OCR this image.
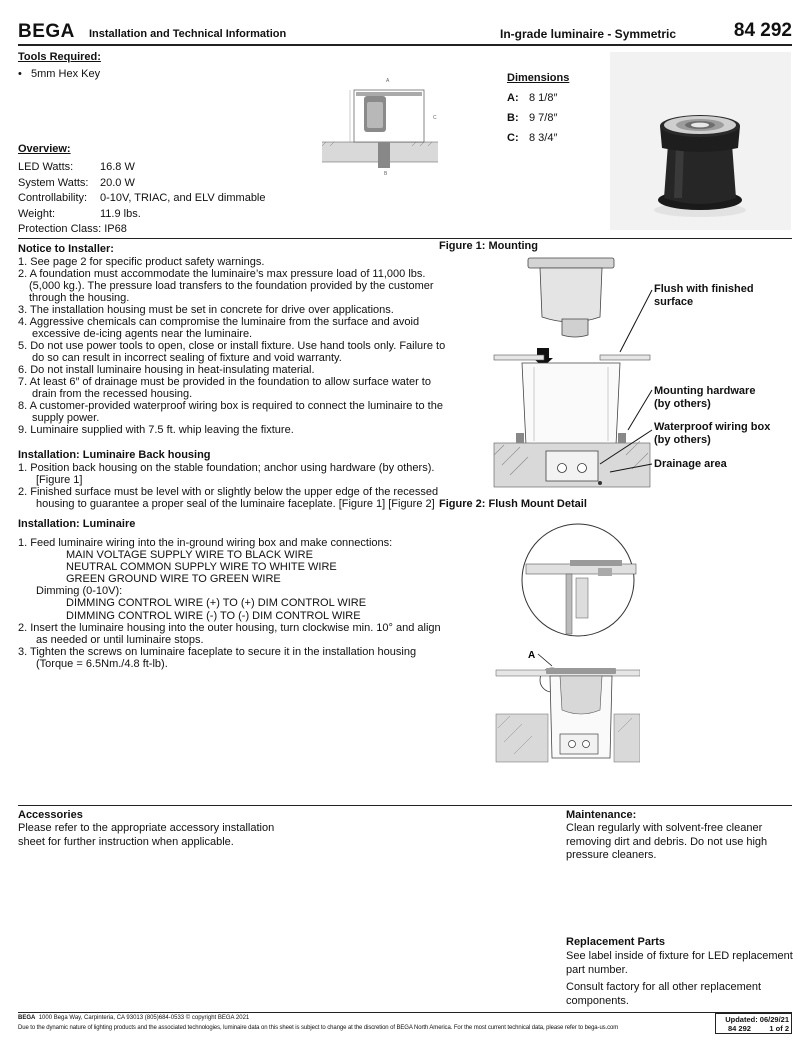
BEGA Installation and Technical Information	In-grade luminaire - Symmetric	84 292
Tools Required:
•   5mm Hex Key
A
C
B
Dimensions
A: 8 1/8″
B: 9 7/8″
C: 8 3/4″
Overview:
LED Watts: 16.8 W
System Watts: 20.0 W
Controllability: 0-10V, TRIAC, and ELV dimmable
Weight:	11.9 lbs.
Protection Class: IP68
Notice to Installer:
1. See page 2 for specific product safety warnings.
2. A foundation must accommodate the luminaire’s max pressure load of 11,000 lbs.
(5,000 kg.). The pressure load transfers to the foundation provided by the customer
through the housing.
3. The installation housing must be set in concrete for drive over applications.
4. Aggressive chemicals can compromise the luminaire from the surface and avoid
excessive de-icing agents near the luminaire.
5. Do not use power tools to open, close or install fixture. Use hand tools only. Failure to
do so can result in incorrect sealing of fixture and void warranty.
6. Do not install luminaire housing in heat-insulating material.
7. At least 6″ of drainage must be provided in the foundation to allow surface water to
drain from the recessed housing.
8. A customer-provided waterproof wiring box is required to connect the luminaire to the
supply power.
9. Luminaire supplied with 7.5 ft. whip leaving the fixture.
Installation: Luminaire Back housing
1. Position back housing on the stable foundation; anchor using hardware (by others).
[Figure 1]
2. Finished surface must be level with or slightly below the upper edge of the recessed
housing to guarantee a proper seal of the luminaire faceplate. [Figure 1] [Figure 2]
Installation: Luminaire
1. Feed luminaire wiring into the in-ground wiring box and make connections:
MAIN VOLTAGE SUPPLY WIRE TO BLACK WIRE
NEUTRAL COMMON SUPPLY WIRE TO WHITE WIRE
GREEN GROUND WIRE TO GREEN WIRE
Dimming (0-10V):
DIMMING CONTROL WIRE (+) TO (+) DIM CONTROL WIRE
DIMMING CONTROL WIRE (-) TO (-) DIM CONTROL WIRE
2. Insert the luminaire housing into the outer housing, turn clockwise min. 10° and align
as needed or until luminaire stops.
3. Tighten the screws on luminaire faceplate to secure it in the installation housing
(Torque = 6.5Nm./4.8 ft-lb).
Figure 1: Mounting
Flush with finished surface
Mounting hardware (by others)
Waterproof wiring box (by others)
Drainage area
Figure 2: Flush Mount Detail
A
Accessories
Please refer to the appropriate accessory installation
sheet for further instruction when applicable.
Maintenance:
Clean regularly with solvent-free cleaner
removing dirt and debris. Do not use high
pressure cleaners.
Replacement Parts
See label inside of fixture for LED replacement
part number.
Consult factory for all other replacement
components.
BEGA 1000 Bega Way, Carpinteria, CA 93013 (805)684-0533 © copyright BEGA 2021
Due to the dynamic nature of lighting products and the associated technologies, luminaire data on this sheet is subject to change at the discretion of BEGA North America. For the most current technical data, please refer to bega-us.com
Updated: 06/29/21
84 292 1 of 2
